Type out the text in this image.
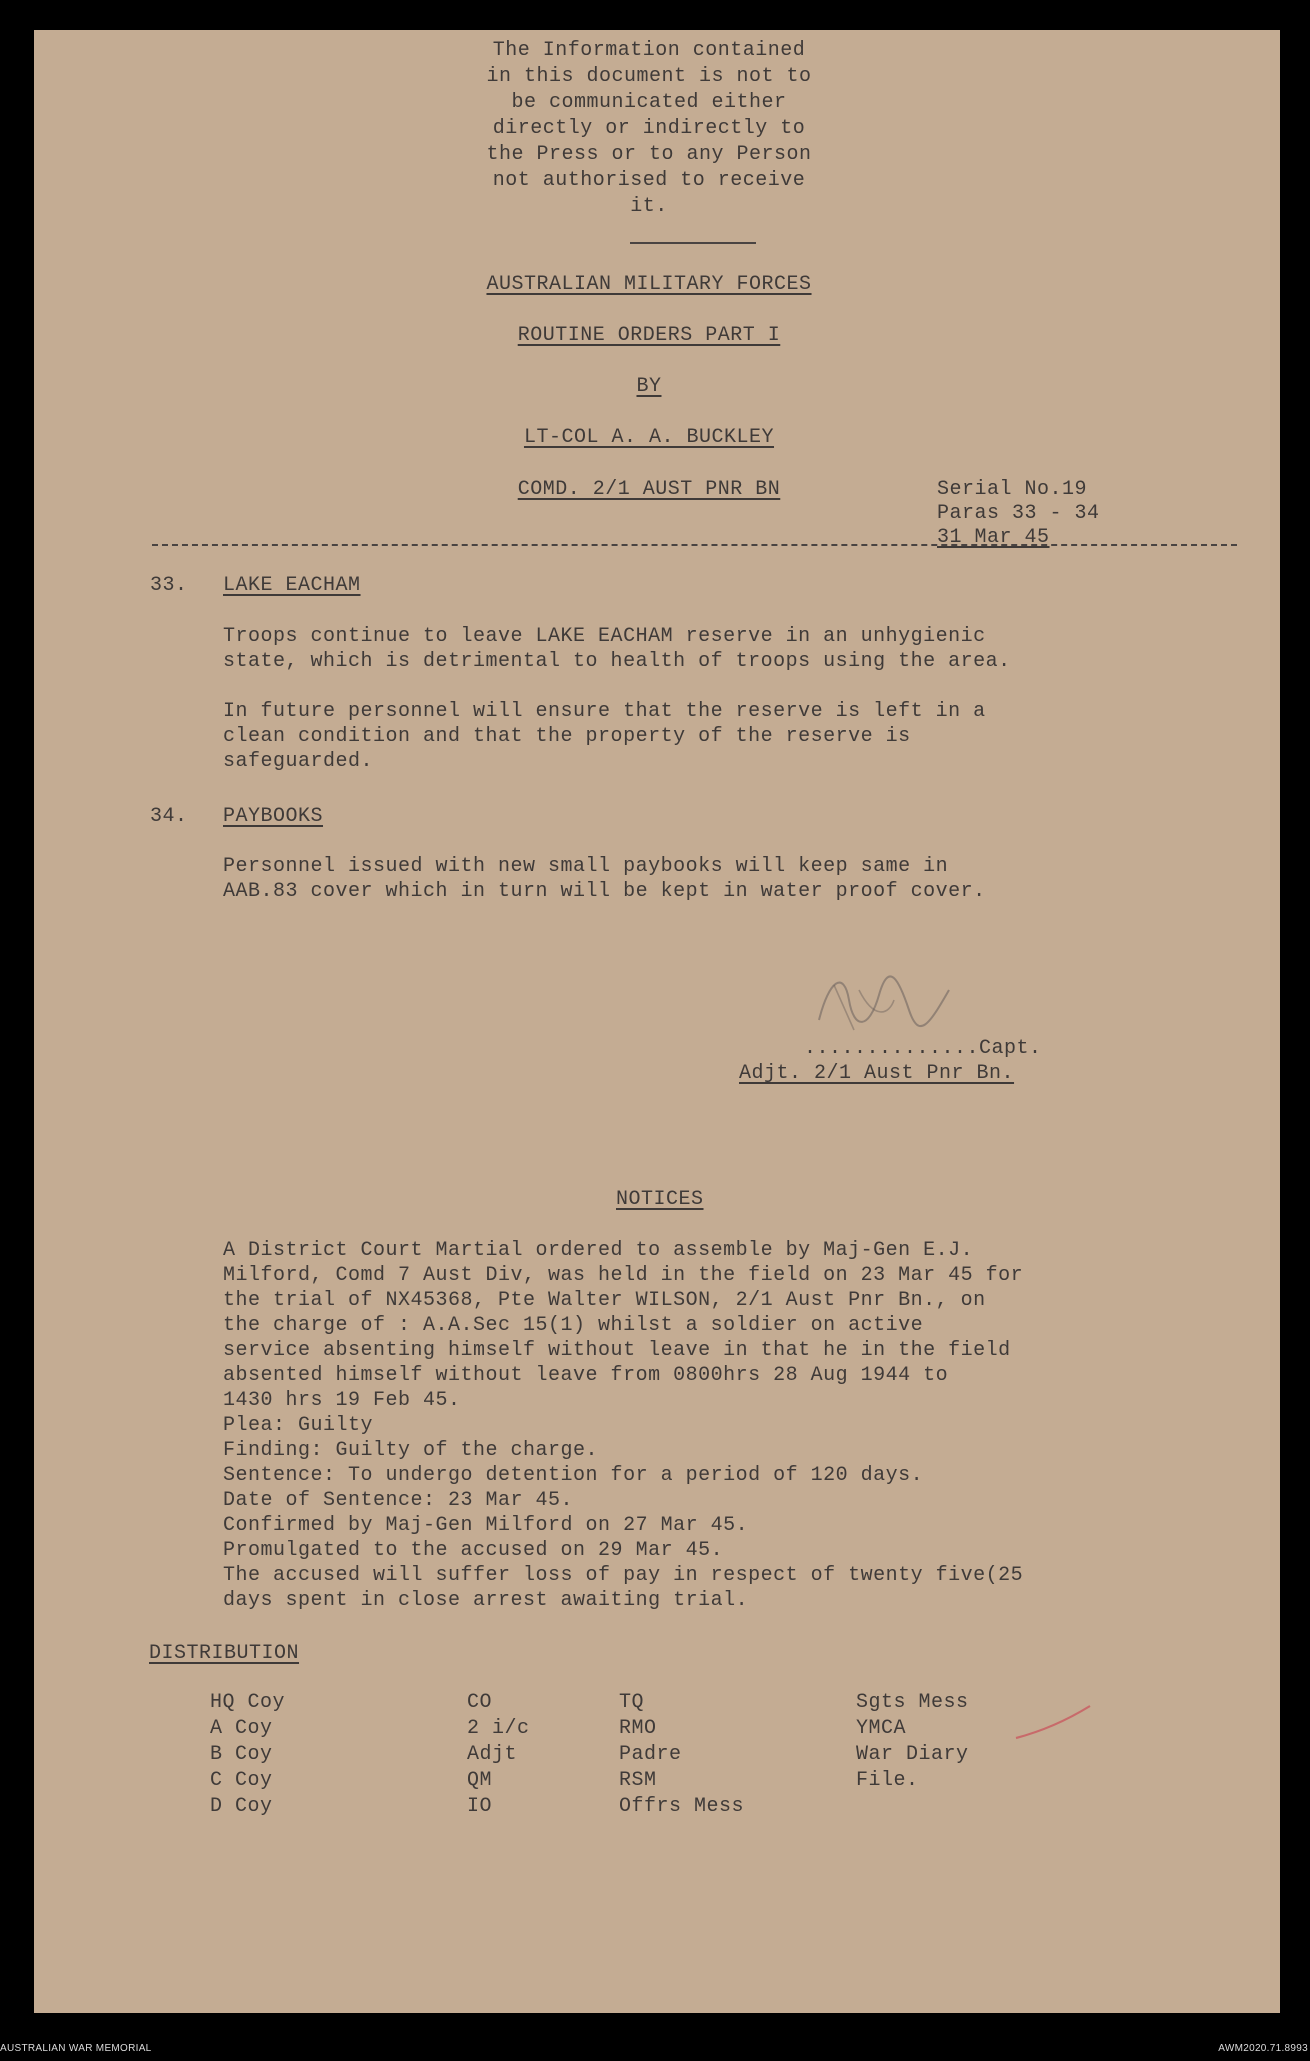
The Information contained
in this document is not to
be communicated either
directly or indirectly to
the Press or to any Person
not authorised to receive
it.
AUSTRALIAN MILITARY FORCES
ROUTINE ORDERS PART I
BY
LT-COL A. A. BUCKLEY
COMD. 2/1 AUST PNR BN	Serial No.19
Paras 33 - 34
31 Mar 45
33. LAKE EACHAM
Troops continue to leave LAKE EACHAM reserve in an unhygienic
state, which is detrimental to health of troops using the area.
In future personnel will ensure that the reserve is left in a
clean condition and that the property of the reserve is
safeguarded.
34. PAYBOOKS
Personnel issued with new small paybooks will keep same in
AAB.83 cover which in turn will be kept in water proof cover.
..............Capt.
Adjt. 2/1 Aust Pnr Bn.
NOTICES
A District Court Martial ordered to assemble by Maj-Gen E.J.
Milford, Comd 7 Aust Div, was held in the field on 23 Mar 45 for
the trial of NX45368, Pte Walter WILSON, 2/1 Aust Pnr Bn., on
the charge of : A.A.Sec 15(1) whilst a soldier on active
service absenting himself without leave in that he in the field
absented himself without leave from 0800hrs 28 Aug 1944 to
1430 hrs 19 Feb 45.
Plea: Guilty
Finding: Guilty of the charge.
Sentence: To undergo detention for a period of 120 days.
Date of Sentence: 23 Mar 45.
Confirmed by Maj-Gen Milford on 27 Mar 45.
Promulgated to the accused on 29 Mar 45.
The accused will suffer loss of pay in respect of twenty five(25
days spent in close arrest awaiting trial.
DISTRIBUTION
HQ Coy
A Coy
B Coy
C Coy
D Coy
CO
2 i/c
Adjt
QM
IO
TQ
RMO
Padre
RSM
Offrs Mess
Sgts Mess
YMCA
War Diary
File.
AUSTRALIAN WAR MEMORIAL	AWM2020.71.8993
